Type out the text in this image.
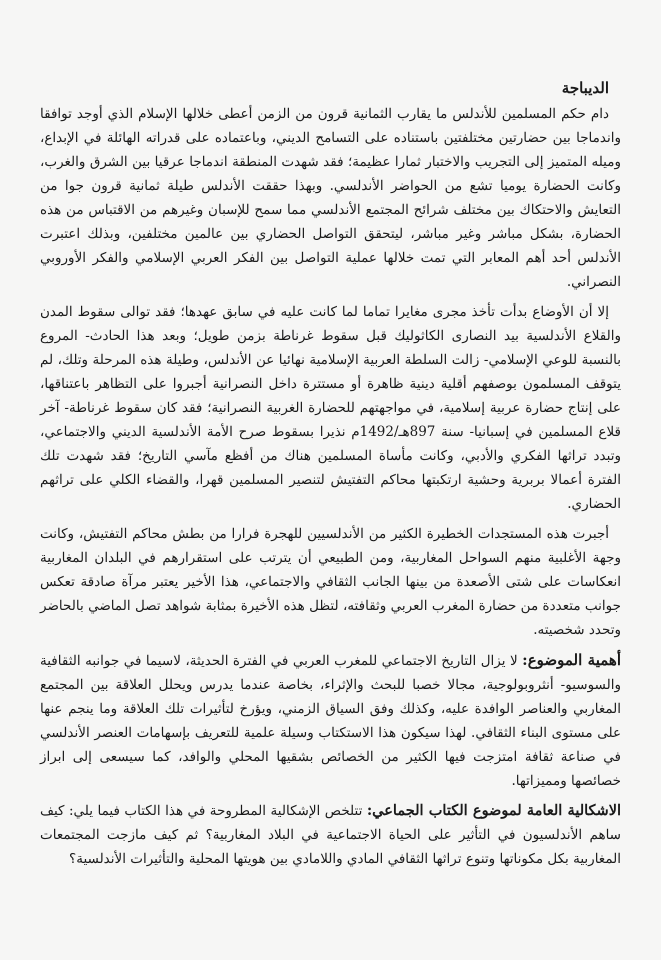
الديباجة

دام حكم المسلمين للأندلس ما يقارب الثمانية قرون من الزمن أعطى خلالها الإسلام الذي أوجد توافقا واندماجا بين حضارتين مختلفتين باستناده على التسامح الديني، وباعتماده على قدراته الهائلة في الإبداع، وميله المتميز إلى التجريب والاختبار ثمارا عظيمة؛ فقد شهدت المنطقة اندماجا عرقيا بين الشرق والغرب، وكانت الحضارة يوميا تشع من الحواضر الأندلسي. وبهذا حققت الأندلس طيلة ثمانية قرون جوا من التعايش والاحتكاك بين مختلف شرائح المجتمع الأندلسي مما سمح للإسبان وغيرهم من الاقتباس من هذه الحضارة، بشكل مباشر وغير مباشر، ليتحقق التواصل الحضاري بين عالمين مختلفين، وبذلك اعتبرت الأندلس أحد أهم المعابر التي تمت خلالها عملية التواصل بين الفكر العربي الإسلامي والفكر الأوروبي النصراني.

إلا أن الأوضاع بدأت تأخذ مجرى مغايرا تماما لما كانت عليه في سابق عهدها؛ فقد توالى سقوط المدن والقلاع الأندلسية بيد النصارى الكاثوليك قبل سقوط غرناطة بزمن طويل؛ وبعد هذا الحادث- المروع بالنسبة للوعي الإسلامي- زالت السلطة العربية الإسلامية نهائيا عن الأندلس، وطيلة هذه المرحلة وتلك، لم يتوقف المسلمون بوصفهم أقلية دينية ظاهرة أو مستترة داخل النصرانية أجبروا على التظاهر باعتناقها، على إنتاج حضارة عربية إسلامية، في مواجهتهم للحضارة الغربية النصرانية؛ فقد كان سقوط غرناطة- آخر قلاع المسلمين في إسبانيا- سنة 897هـ/1492م نذيرا بسقوط صرح الأمة الأندلسية الديني والاجتماعي، وتبدد تراثها الفكري والأدبي، وكانت مأساة المسلمين هناك من أفظع مآسي التاريخ؛ فقد شهدت تلك الفترة أعمالا بربرية وحشية ارتكبتها محاكم التفتيش لتنصير المسلمين قهرا، والقضاء الكلي على تراثهم الحضاري.

أجبرت هذه المستجدات الخطيرة الكثير من الأندلسيين للهجرة فرارا من بطش محاكم التفتيش، وكانت وجهة الأغلبية منهم السواحل المغاربية، ومن الطبيعي أن يترتب على استقرارهم في البلدان المغاربية انعكاسات على شتى الأصعدة من بينها الجانب الثقافي والاجتماعي، هذا الأخير يعتبر مرآة صادقة تعكس جوانب متعددة من حضارة المغرب العربي وثقافته، لتظل هذه الأخيرة بمثابة شواهد تصل الماضي بالحاضر وتحدد شخصيته.

أهمية الموضوع: لا يزال التاريخ الاجتماعي للمغرب العربي في الفترة الحديثة، لاسيما في جوانبه الثقافية والسوسيو- أنثروبولوجية، مجالا خصبا للبحث والإثراء، بخاصة عندما يدرس ويحلل العلاقة بين المجتمع المغاربي والعناصر الوافدة عليه، وكذلك وفق السياق الزمني، ويؤرخ لتأثيرات تلك العلاقة وما ينجم عنها على مستوى البناء الثقافي. لهذا سيكون هذا الاستكتاب وسيلة علمية للتعريف بإسهامات العنصر الأندلسي في صناعة ثقافة امتزجت فيها الكثير من الخصائص بشقيها المحلي والوافد، كما سيسعى إلى ابراز خصائصها ومميزاتها.

الاشكالية العامة لموضوع الكتاب الجماعي: تتلخص الإشكالية المطروحة في هذا الكتاب فيما يلي: كيف ساهم الأندلسيون في التأثير على الحياة الاجتماعية في البلاد المغاربية؟ ثم كيف مازجت المجتمعات المغاربية بكل مكوناتها وتنوع تراثها الثقافي المادي واللامادي بين هويتها المحلية والتأثيرات الأندلسية؟
